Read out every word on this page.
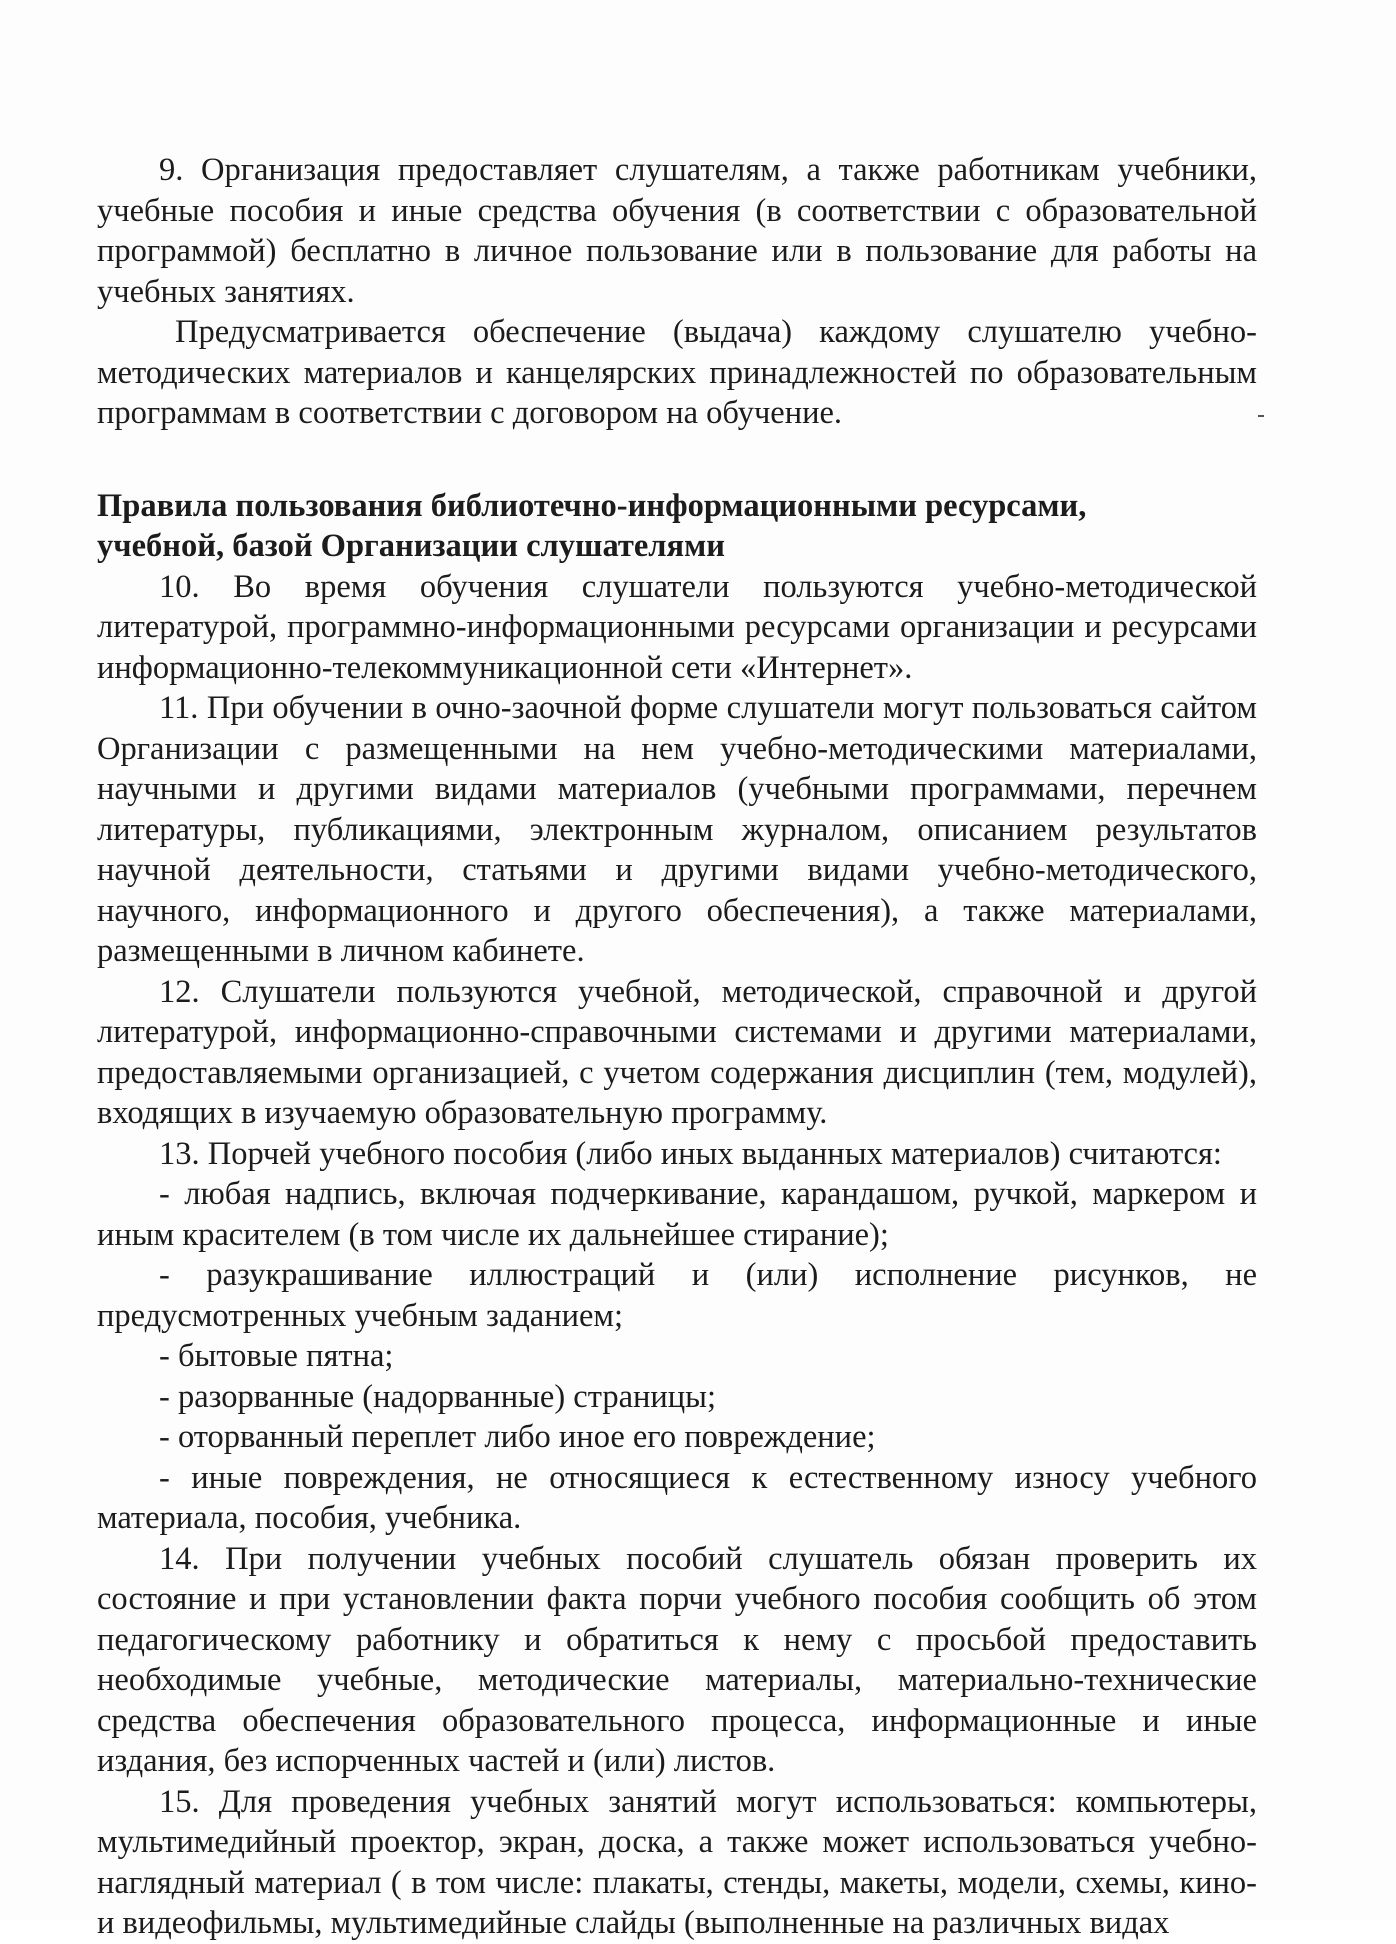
9. Организация предоставляет слушателям, а также работникам учебники, учебные пособия и иные средства обучения (в соответствии с образовательной программой) бесплатно в личное пользование или в пользование для работы на учебных занятиях.

Предусматривается обеспечение (выдача) каждому слушателю учебно-методических материалов и канцелярских принадлежностей по образовательным программам в соответствии с договором на обучение.

Правила пользования библиотечно-информационными ресурсами,

учебной, базой Организации слушателями

10. Во время обучения слушатели пользуются учебно-методической литературой, программно-информационными ресурсами организации и ресурсами информационно-телекоммуникационной сети «Интернет».

11. При обучении в очно-заочной форме слушатели могут пользоваться сайтом Организации с размещенными на нем учебно-методическими материалами, научными и другими видами материалов (учебными программами, перечнем литературы, публикациями, электронным журналом, описанием результатов научной деятельности, статьями и другими видами учебно-методического, научного, информационного и другого обеспечения), а также материалами, размещенными в личном кабинете.

12. Слушатели пользуются учебной, методической, справочной и другой литературой, информационно-справочными системами и другими материалами, предоставляемыми организацией, с учетом содержания дисциплин (тем, модулей), входящих в изучаемую образовательную программу.

13. Порчей учебного пособия (либо иных выданных материалов) считаются:

- любая надпись, включая подчеркивание, карандашом, ручкой, маркером и иным красителем (в том числе их дальнейшее стирание);

- разукрашивание иллюстраций и (или) исполнение рисунков, не предусмотренных учебным заданием;

- бытовые пятна;

- разорванные (надорванные) страницы;

- оторванный переплет либо иное его повреждение;

- иные повреждения, не относящиеся к естественному износу учебного материала, пособия, учебника.

14. При получении учебных пособий слушатель обязан проверить их состояние и при установлении факта порчи учебного пособия сообщить об этом педагогическому работнику и обратиться к нему с просьбой предоставить необходимые учебные, методические материалы, материально-технические средства обеспечения образовательного процесса, информационные и иные издания, без испорченных частей и (или) листов.

15. Для проведения учебных занятий могут использоваться: компьютеры, мультимедийный проектор, экран, доска, а также может использоваться учебно-наглядный материал ( в том числе: плакаты, стенды, макеты, модели, схемы, кино- и видеофильмы, мультимедийные слайды (выполненные на различных видах
